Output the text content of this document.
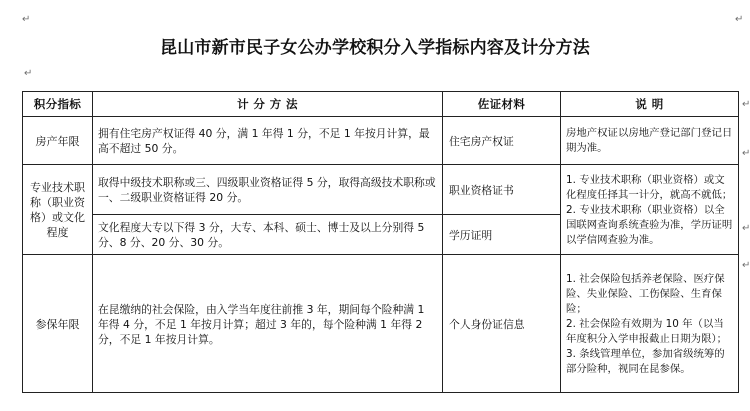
↵	↵
昆山市新市民子女公办学校积分入学指标内容及计分方法
↵
积分指标	计 分 方 法	佐证材料	说 明

房产年限	拥有住宅房产权证得 40 分，满 1 年得 1 分，不足 1 年按月计算，最高不超过 50 分。	住宅房产权证	房地产权证以房地产登记部门登记日期为准。

专业技术职称（职业资格）或文化程度	取得中级技术职称或三、四级职业资格证得 5 分，取得高级技术职称或一、二级职业资格证得 20 分。	职业资格证书	1. 专业技术职称（职业资格）或文化程度任择其一计分，就高不就低；
2. 专业技术职称（职业资格）以全国联网查询系统查验为准，学历证明以学信网查验为准。

	文化程度大专以下得 3 分，大专、本科、硕士、博士及以上分别得 5 分、8 分、20 分、30 分。	学历证明	

参保年限	在昆缴纳的社会保险，由入学当年度往前推 3 年，期间每个险种满 1 年得 4 分，不足 1 年按月计算；超过 3 年的，每个险种满 1 年得 2 分，不足 1 年按月计算。	个人身份证信息	1. 社会保险包括养老保险、医疗保险、失业保险、工伤保险、生育保险；
2. 社会保险有效期为 10 年（以当年度积分入学申报截止日期为限）；
3. 条线管理单位，参加省级统筹的部分险种，视同在昆参保。
↵
↵
↵
↵
